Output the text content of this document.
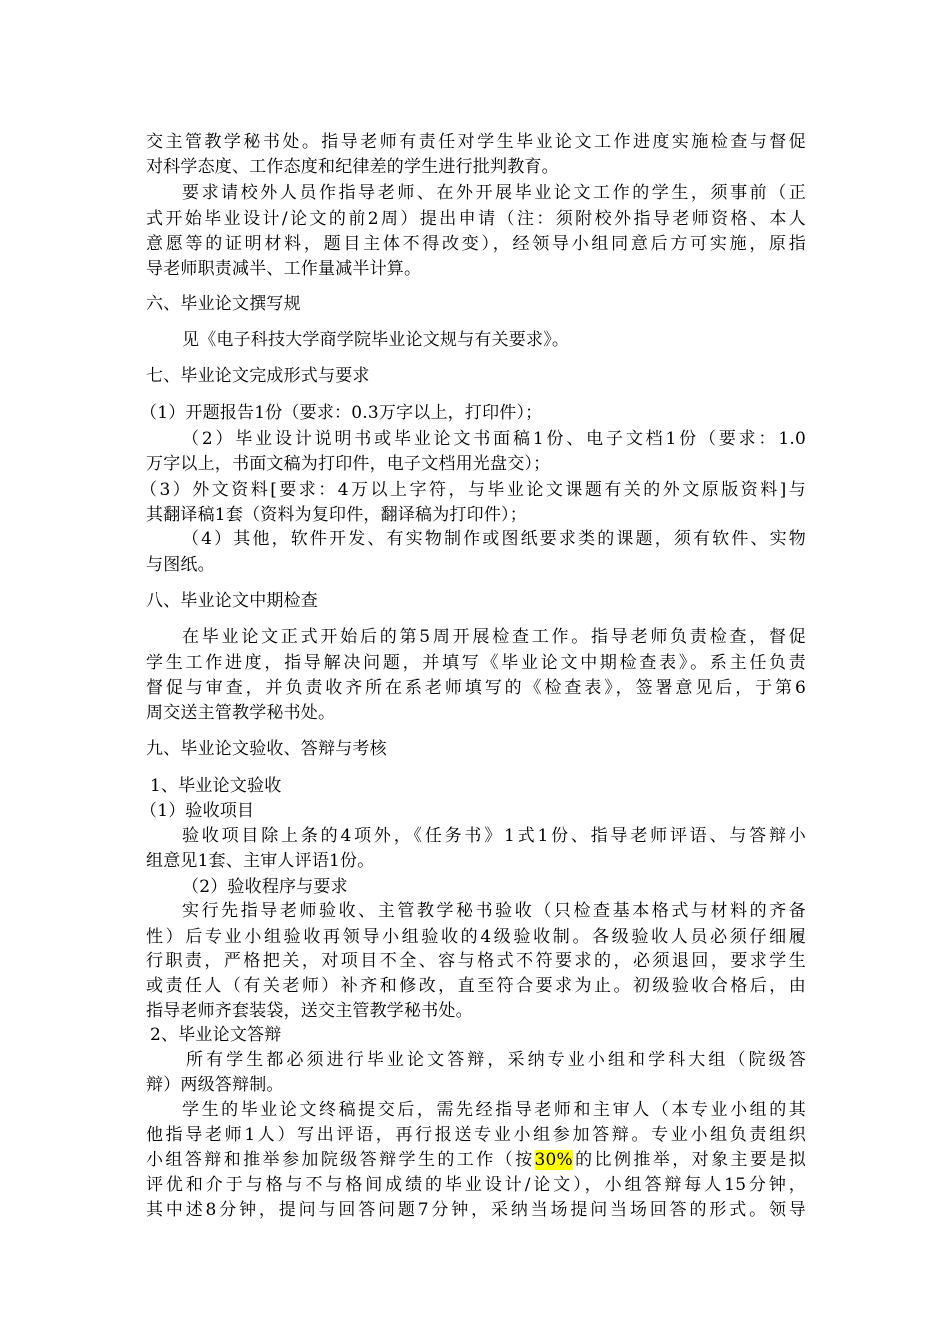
交主管教学秘书处。指导老师有责任对学生毕业论文工作进度实施检查与督促
对科学态度、工作态度和纪律差的学生进行批判教育。
要求请校外人员作指导老师、在外开展毕业论文工作的学生，须事前（正
式开始毕业设计/论文的前2周）提出申请（注：须附校外指导老师资格、本人
意愿等的证明材料，题目主体不得改变），经领导小组同意后方可实施，原指
导老师职责减半、工作量减半计算。
六、毕业论文撰写规
见《电子科技大学商学院毕业论文规与有关要求》。
七、毕业论文完成形式与要求
（1）开题报告1份（要求：0.3万字以上，打印件）；
（2）毕业设计说明书或毕业论文书面稿1份、电子文档1份（要求：1.0
万字以上，书面文稿为打印件，电子文档用光盘交）；
（3）外文资料[要求：4万以上字符，与毕业论文课题有关的外文原版资料]与
其翻译稿1套（资料为复印件，翻译稿为打印件）；
（4）其他，软件开发、有实物制作或图纸要求类的课题，须有软件、实物
与图纸。
八、毕业论文中期检查
在毕业论文正式开始后的第5周开展检查工作。指导老师负责检查，督促
学生工作进度，指导解决问题，并填写《毕业论文中期检查表》。系主任负责
督促与审查，并负责收齐所在系老师填写的《检查表》，签署意见后，于第6
周交送主管教学秘书处。
九、毕业论文验收、答辩与考核
1、毕业论文验收
（1）验收项目
验收项目除上条的4项外，《任务书》1式1份、指导老师评语、与答辩小
组意见1套、主审人评语1份。
（2）验收程序与要求
实行先指导老师验收、主管教学秘书验收（只检查基本格式与材料的齐备
性）后专业小组验收再领导小组验收的4级验收制。各级验收人员必须仔细履
行职责，严格把关，对项目不全、容与格式不符要求的，必须退回，要求学生
或责任人（有关老师）补齐和修改，直至符合要求为止。初级验收合格后，由
指导老师齐套装袋，送交主管教学秘书处。
2、毕业论文答辩
所有学生都必须进行毕业论文答辩，采纳专业小组和学科大组（院级答
辩）两级答辩制。
学生的毕业论文终稿提交后，需先经指导老师和主审人（本专业小组的其
他指导老师1人）写出评语，再行报送专业小组参加答辩。专业小组负责组织
小组答辩和推举参加院级答辩学生的工作（按30%的比例推举，对象主要是拟
评优和介于与格与不与格间成绩的毕业设计/论文），小组答辩每人15分钟，
其中述8分钟，提问与回答问题7分钟，采纳当场提问当场回答的形式。领导
